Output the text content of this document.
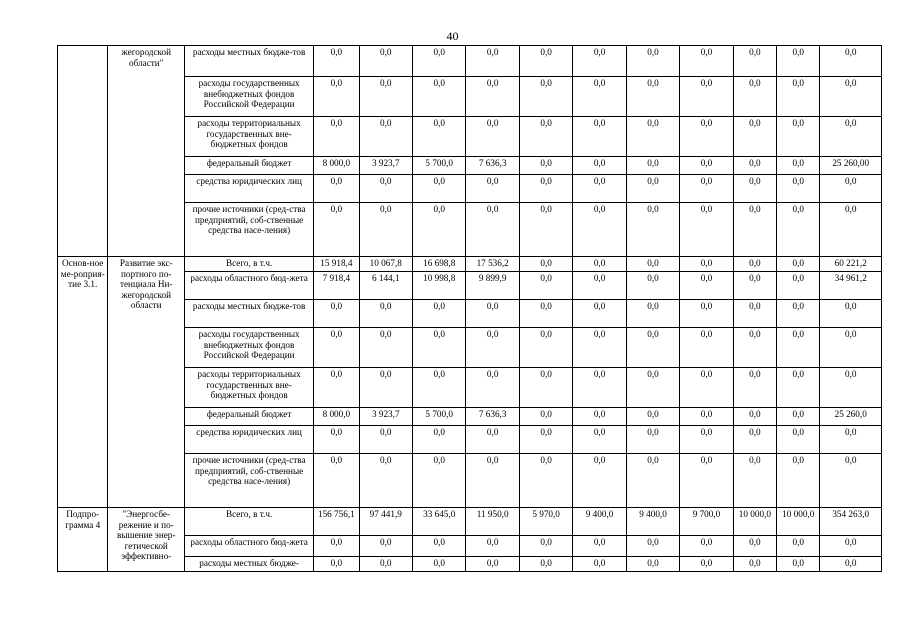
40
	жегородской области"	расходы местных бюдже-тов	0,0	0,0	0,0	0,0	0,0	0,0	0,0	0,0	0,0	0,0	0,0
		расходы государственных внебюджетных фондов Российской Федерации	0,0	0,0	0,0	0,0	0,0	0,0	0,0	0,0	0,0	0,0	0,0
		расходы территориальных государственных вне-бюджетных фондов	0,0	0,0	0,0	0,0	0,0	0,0	0,0	0,0	0,0	0,0	0,0
		федеральный бюджет	8 000,0	3 923,7	5 700,0	7 636,3	0,0	0,0	0,0	0,0	0,0	0,0	25 260,00
		средства юридических лиц	0,0	0,0	0,0	0,0	0,0	0,0	0,0	0,0	0,0	0,0	0,0
		прочие источники (сред-ства предприятий, соб-ственные средства насе-ления)	0,0	0,0	0,0	0,0	0,0	0,0	0,0	0,0	0,0	0,0	0,0
Основ-ное ме-роприя-тие 3.1.	Развитие экс-портного по-тенциала Ни-жегородской области	Всего, в т.ч.	15 918,4	10 067,8	16 698,8	17 536,2	0,0	0,0	0,0	0,0	0,0	0,0	60 221,2
		расходы областного бюд-жета	7 918,4	6 144,1	10 998,8	9 899,9	0,0	0,0	0,0	0,0	0,0	0,0	34 961,2
		расходы местных бюдже-тов	0,0	0,0	0,0	0,0	0,0	0,0	0,0	0,0	0,0	0,0	0,0
		расходы государственных внебюджетных фондов Российской Федерации	0,0	0,0	0,0	0,0	0,0	0,0	0,0	0,0	0,0	0,0	0,0
		расходы территориальных государственных вне-бюджетных фондов	0,0	0,0	0,0	0,0	0,0	0,0	0,0	0,0	0,0	0,0	0,0
		федеральный бюджет	8 000,0	3 923,7	5 700,0	7 636,3	0,0	0,0	0,0	0,0	0,0	0,0	25 260,0
		средства юридических лиц	0,0	0,0	0,0	0,0	0,0	0,0	0,0	0,0	0,0	0,0	0,0
		прочие источники (сред-ства предприятий, соб-ственные средства насе-ления)	0,0	0,0	0,0	0,0	0,0	0,0	0,0	0,0	0,0	0,0	0,0
Подпро-грамма 4	"Энергосбе-режение и по-вышение энер-гетической эффективно-	Всего, в т.ч.	156 756,1	97 441,9	33 645,0	11 950,0	5 970,0	9 400,0	9 400,0	9 700,0	10 000,0	10 000,0	354 263,0
		расходы областного бюд-жета	0,0	0,0	0,0	0,0	0,0	0,0	0,0	0,0	0,0	0,0	0,0
		расходы местных бюдже-	0,0	0,0	0,0	0,0	0,0	0,0	0,0	0,0	0,0	0,0	0,0
